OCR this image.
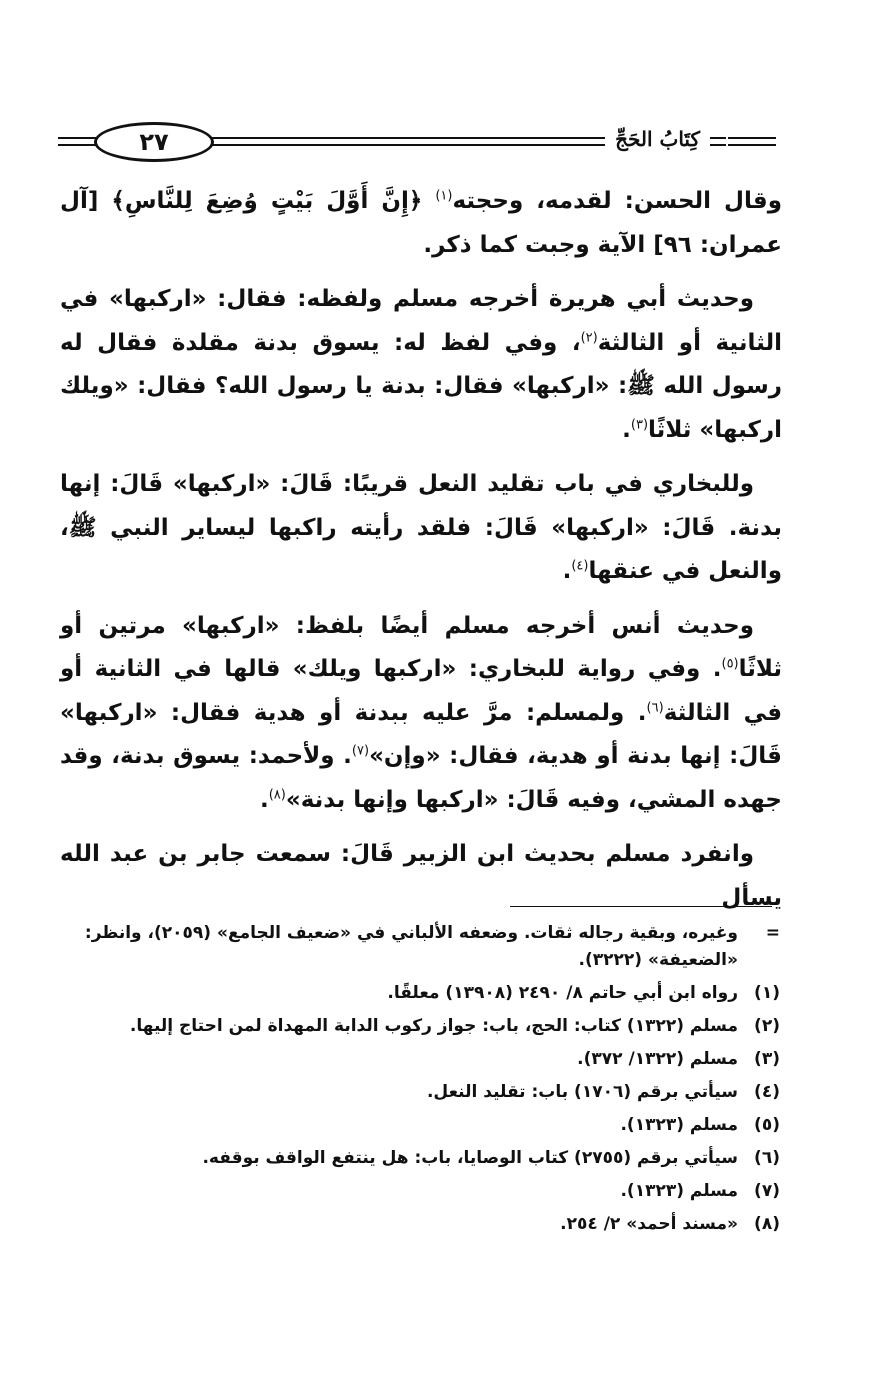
٢٧	كِتَابُ الحَجِّ

وقال الحسن: لقدمه، وحجته$^{(١)}$ ﴿إِنَّ أَوَّلَ بَيْتٍ وُضِعَ لِلنَّاسِ﴾ [آل عمران: ٩٦] الآية وجبت كما ذكر.

وحديث أبي هريرة أخرجه مسلم ولفظه: فقال: «اركبها» في الثانية أو الثالثة$^{(٢)}$، وفي لفظ له: يسوق بدنة مقلدة فقال له رسول الله ﷺ: «اركبها» فقال: بدنة يا رسول الله؟ فقال: «ويلك اركبها» ثلاثًا$^{(٣)}$.

وللبخاري في باب تقليد النعل قريبًا: قَالَ: «اركبها» قَالَ: إنها بدنة. قَالَ: «اركبها» قَالَ: فلقد رأيته راكبها ليساير النبي ﷺ، والنعل في عنقها$^{(٤)}$.

وحديث أنس أخرجه مسلم أيضًا بلفظ: «اركبها» مرتين أو ثلاثًا$^{(٥)}$. وفي رواية للبخاري: «اركبها ويلك» قالها في الثانية أو في الثالثة$^{(٦)}$. ولمسلم: مرَّ عليه ببدنة أو هدية فقال: «اركبها» قَالَ: إنها بدنة أو هدية، فقال: «وإن»$^{(٧)}$. ولأحمد: يسوق بدنة، وقد جهده المشي، وفيه قَالَ: «اركبها وإنها بدنة»$^{(٨)}$.

وانفرد مسلم بحديث ابن الزبير قَالَ: سمعت جابر بن عبد الله يسأل

=
وغيره، وبقية رجاله ثقات. وضعفه الألباني في «ضعيف الجامع» (٢٠٥٩)، وانظر: «الضعيفة» (٣٢٢٢).
(١)
رواه ابن أبي حاتم ٨/ ٢٤٩٠ (١٣٩٠٨) معلقًا.
(٢)
مسلم (١٣٢٢) كتاب: الحج، باب: جواز ركوب الدابة المهداة لمن احتاج إليها.
(٣)
مسلم (١٣٢٢/ ٣٧٢).
(٤)
سيأتي برقم (١٧٠٦) باب: تقليد النعل.
(٥)
مسلم (١٣٢٣).
(٦)
سيأتي برقم (٢٧٥٥) كتاب الوصايا، باب: هل ينتفع الواقف بوقفه.
(٧)
مسلم (١٣٢٣).
(٨)
«مسند أحمد» ٢/ ٢٥٤.
